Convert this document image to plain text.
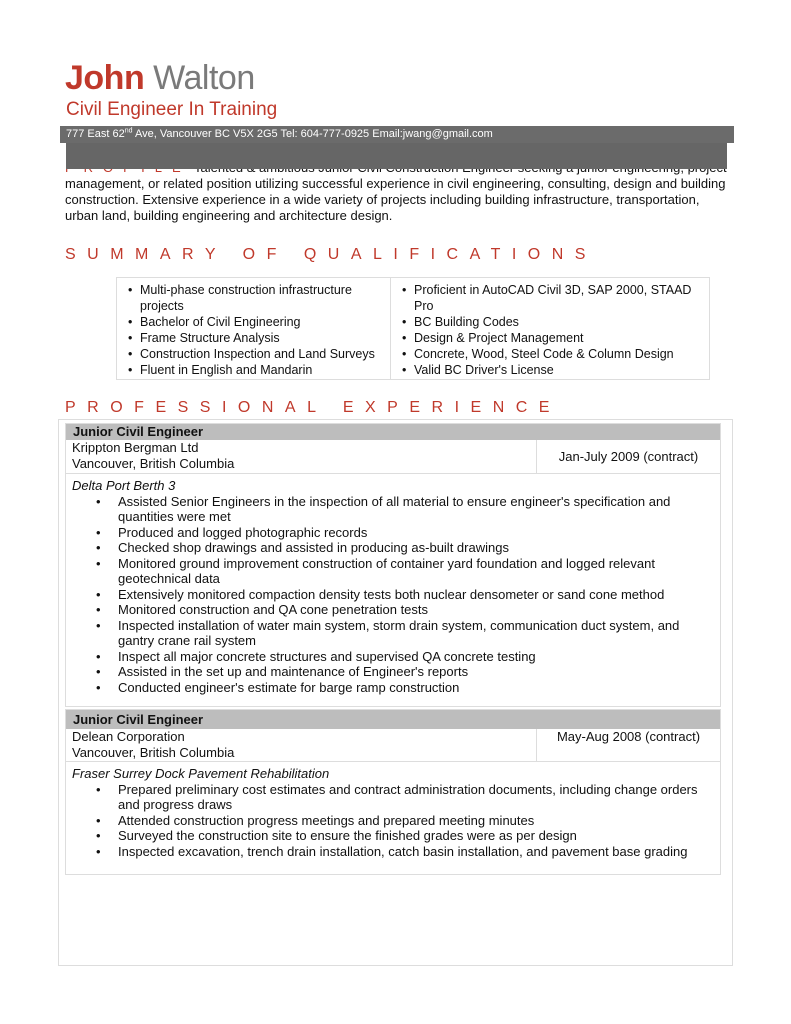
John Walton
Civil Engineer In Training
management, or related position utilizing successful experience in civil engineering, consulting, design and building construction. Extensive experience in a wide variety of projects including building infrastructure, transportation, urban land, building engineering and architecture design.
777 East 62nd Ave, Vancouver BC V5X 2G5 Tel: 604-777-0925 Email:jwang@gmail.com
SUMMARY OF QUALIFICATIONS
• Multi-phase construction infrastructure projects
• Bachelor of Civil Engineering
• Frame Structure Analysis
• Construction Inspection and Land Surveys
• Fluent in English and Mandarin
• Proficient in AutoCAD Civil 3D, SAP 2000, STAAD Pro
• BC Building Codes
• Design & Project Management
• Concrete, Wood, Steel Code & Column Design
• Valid BC Driver's License
PROFESSIONAL EXPERIENCE
Junior Civil Engineer
Krippton Bergman Ltd
Vancouver, British Columbia	Jan-July 2009 (contract)
Delta Port Berth 3
• Assisted Senior Engineers in the inspection of all material to ensure engineer's specification and quantities were met
• Produced and logged photographic records
• Checked shop drawings and assisted in producing as-built drawings
• Monitored ground improvement construction of container yard foundation and logged relevant geotechnical data
• Extensively monitored compaction density tests both nuclear densometer or sand cone method
• Monitored construction and QA cone penetration tests
• Inspected installation of water main system, storm drain system, communication duct system, and gantry crane rail system
• Inspect all major concrete structures and supervised QA concrete testing
• Assisted in the set up and maintenance of Engineer's reports
• Conducted engineer's estimate for barge ramp construction
Junior Civil Engineer
Delean Corporation
Vancouver, British Columbia
May-Aug 2008 (contract)
Fraser Surrey Dock Pavement Rehabilitation
• Prepared preliminary cost estimates and contract administration documents, including change orders and progress draws
• Attended construction progress meetings and prepared meeting minutes
• Surveyed the construction site to ensure the finished grades were as per design
• Inspected excavation, trench drain installation, catch basin installation, and pavement base grading
